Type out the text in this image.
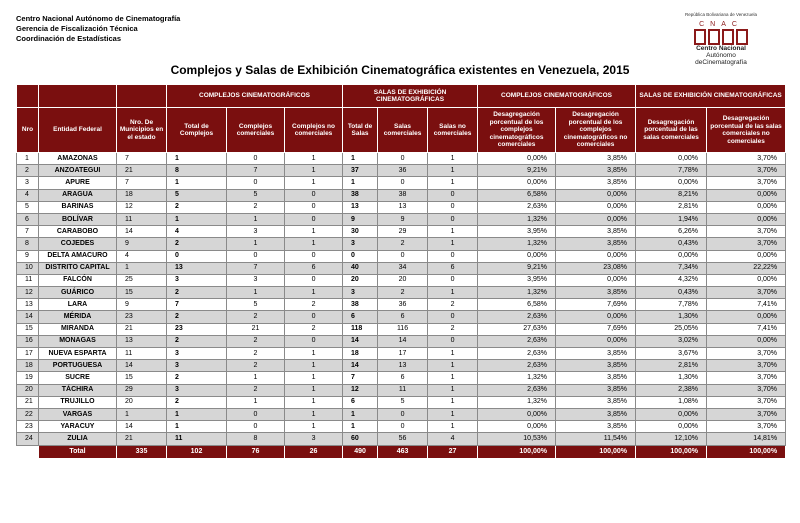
Centro Nacional Autónomo de Cinematografía
Gerencia de Fiscalización Técnica
Coordinación de Estadísticas
República Bolivariana de Venezuela
CNAC
Centro Nacional
Autónomo
deCinematografía
Complejos y Salas de Exhibición Cinematográfica existentes en Venezuela, 2015
			COMPLEJOS CINEMATOGRÁFICOS			SALAS DE EXHIBICIÓN CINEMATOGRÁFICAS			COMPLEJOS CINEMATOGRÁFICOS		SALAS DE EXHIBICIÓN CINEMATOGRÁFICAS	
Nro	Entidad Federal	Nro. De Municipios en el estado	Total de Complejos	Complejos comerciales	Complejos no comerciales	Total de Salas	Salas comerciales	Salas no comerciales	Desagregación porcentual de los complejos cinematográficos comerciales	Desagregación porcentual de los complejos cinematográficos no comerciales	Desagregación porcentual de las salas comerciales	Desagregación porcentual de las salas comerciales no comerciales
1	AMAZONAS	7	1	0	1	1	0	1	0,00%	3,85%	0,00%	3,70%
2	ANZOATEGUI	21	8	7	1	37	36	1	9,21%	3,85%	7,78%	3,70%
3	APURE	7	1	0	1	1	0	1	0,00%	3,85%	0,00%	3,70%
4	ARAGUA	18	5	5	0	38	38	0	6,58%	0,00%	8,21%	0,00%
5	BARINAS	12	2	2	0	13	13	0	2,63%	0,00%	2,81%	0,00%
6	BOLÍVAR	11	1	1	0	9	9	0	1,32%	0,00%	1,94%	0,00%
7	CARABOBO	14	4	3	1	30	29	1	3,95%	3,85%	6,26%	3,70%
8	COJEDES	9	2	1	1	3	2	1	1,32%	3,85%	0,43%	3,70%
9	DELTA AMACURO	4	0	0	0	0	0	0	0,00%	0,00%	0,00%	0,00%
10	DISTRITO CAPITAL	1	13	7	6	40	34	6	9,21%	23,08%	7,34%	22,22%
11	FALCÓN	25	3	3	0	20	20	0	3,95%	0,00%	4,32%	0,00%
12	GUÁRICO	15	2	1	1	3	2	1	1,32%	3,85%	0,43%	3,70%
13	LARA	9	7	5	2	38	36	2	6,58%	7,69%	7,78%	7,41%
14	MÉRIDA	23	2	2	0	6	6	0	2,63%	0,00%	1,30%	0,00%
15	MIRANDA	21	23	21	2	118	116	2	27,63%	7,69%	25,05%	7,41%
16	MONAGAS	13	2	2	0	14	14	0	2,63%	0,00%	3,02%	0,00%
17	NUEVA ESPARTA	11	3	2	1	18	17	1	2,63%	3,85%	3,67%	3,70%
18	PORTUGUESA	14	3	2	1	14	13	1	2,63%	3,85%	2,81%	3,70%
19	SUCRE	15	2	1	1	7	6	1	1,32%	3,85%	1,30%	3,70%
20	TÁCHIRA	29	3	2	1	12	11	1	2,63%	3,85%	2,38%	3,70%
21	TRUJILLO	20	2	1	1	6	5	1	1,32%	3,85%	1,08%	3,70%
22	VARGAS	1	1	0	1	1	0	1	0,00%	3,85%	0,00%	3,70%
23	YARACUY	14	1	0	1	1	0	1	0,00%	3,85%	0,00%	3,70%
24	ZULIA	21	11	8	3	60	56	4	10,53%	11,54%	12,10%	14,81%
	Total	335	102	76	26	490	463	27	100,00%	100,00%	100,00%	100,00%
